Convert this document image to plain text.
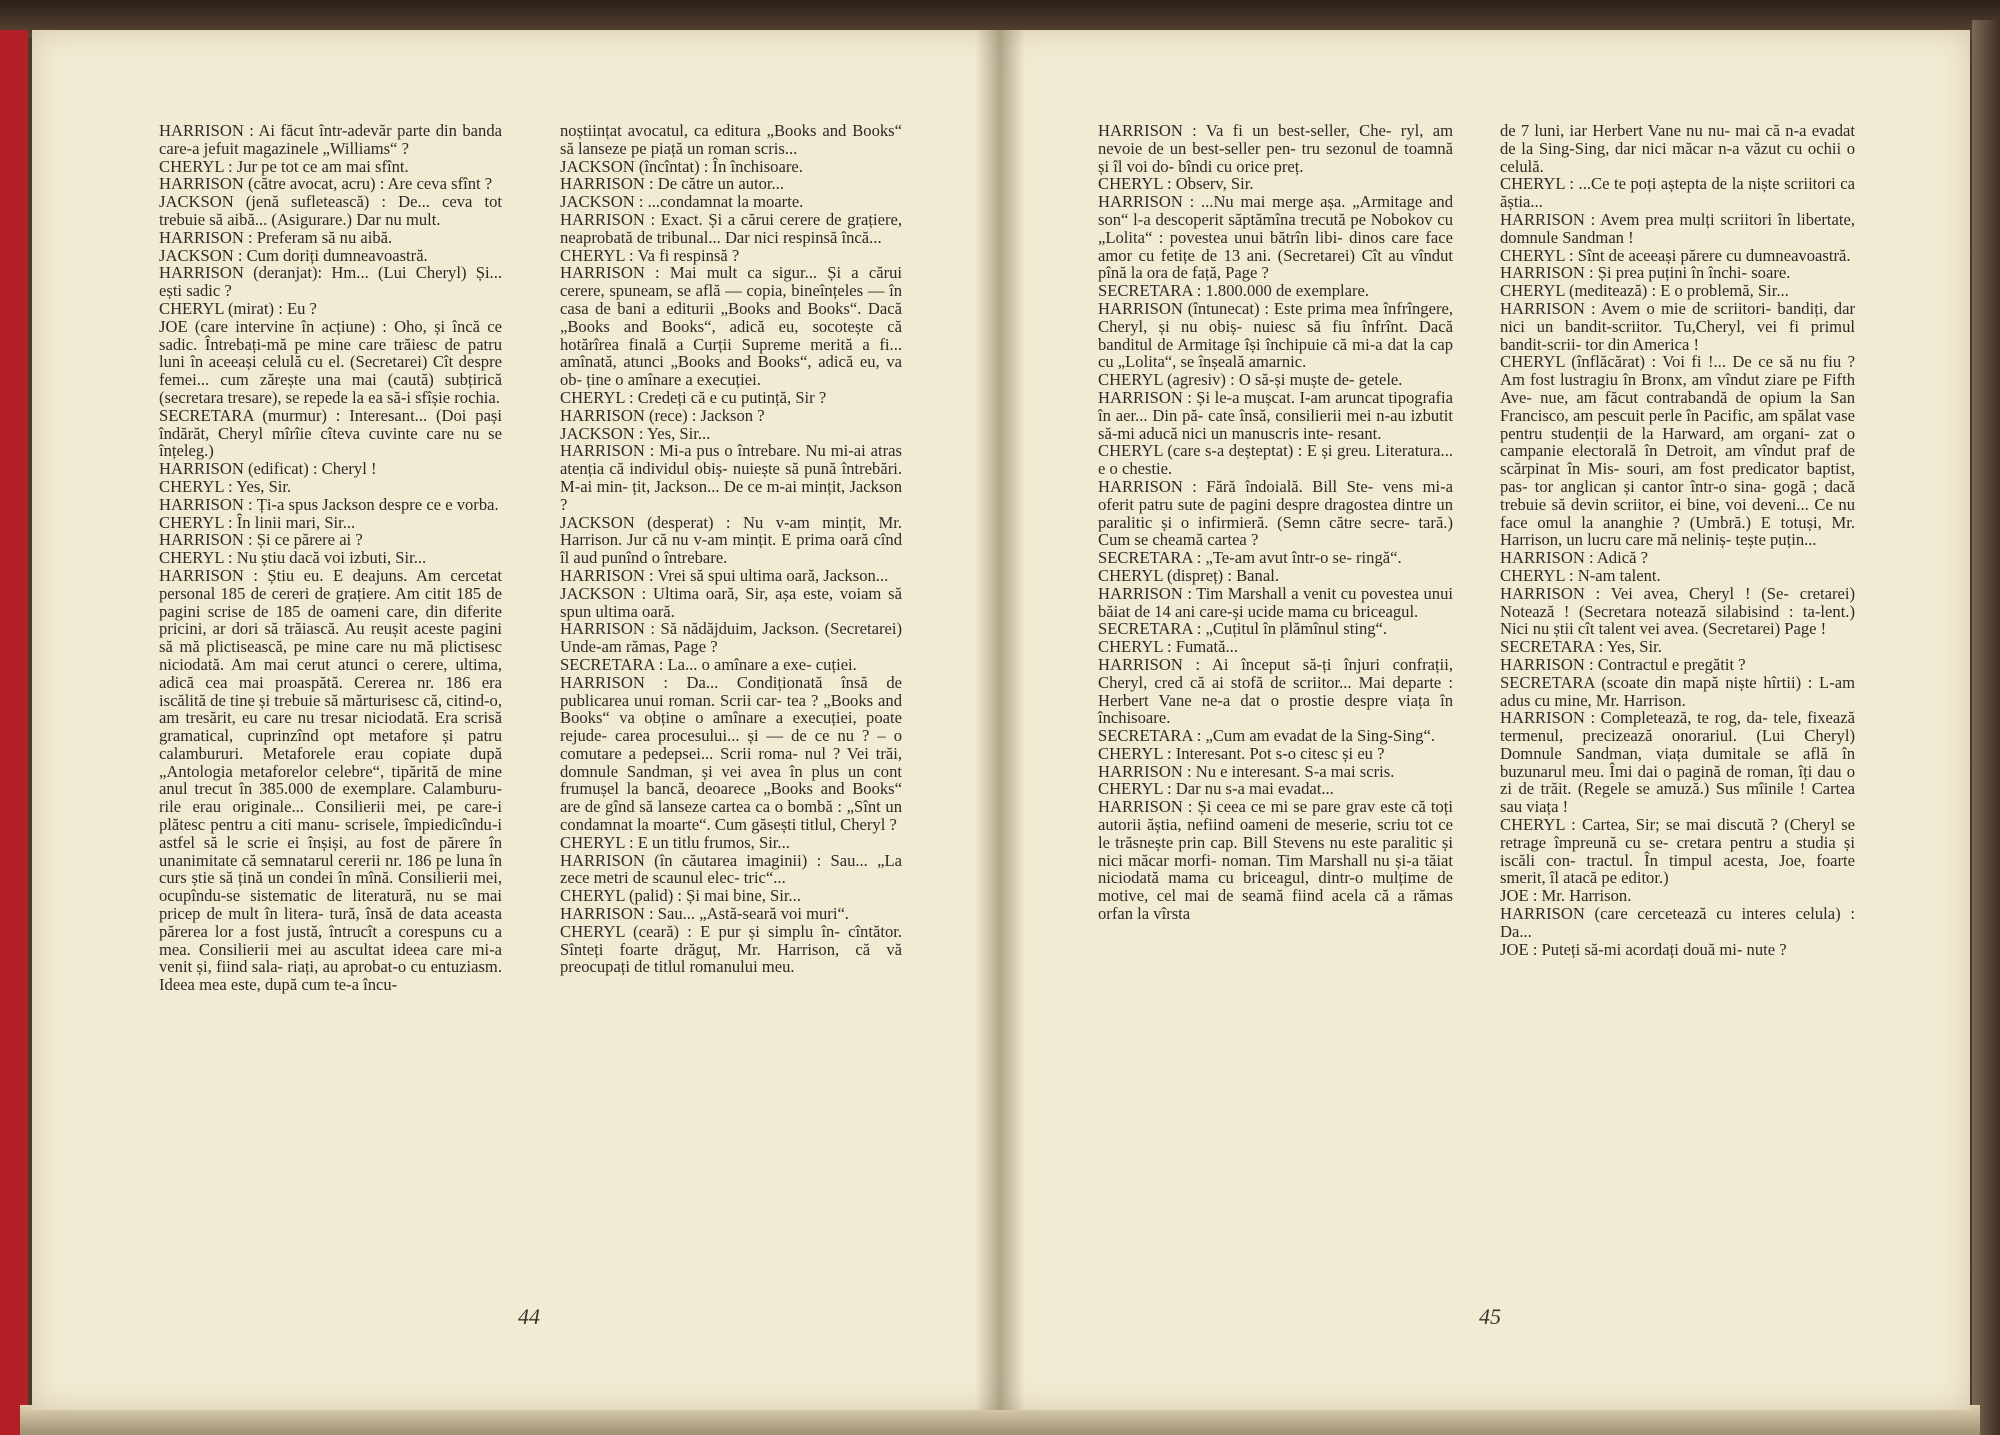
HARRISON : Ai făcut într-adevăr parte din banda care-a jefuit magazinele „Williams“ ?

CHERYL : Jur pe tot ce am mai sfînt.

HARRISON (către avocat, acru) : Are ceva sfînt ?

JACKSON (jenă sufletească) : De... ceva tot trebuie să aibă... (Asigurare.) Dar nu mult.

HARRISON : Preferam să nu aibă.

JACKSON : Cum doriți dumneavoastră.

HARRISON (deranjat): Hm... (Lui Cheryl) Și... ești sadic ?

CHERYL (mirat) : Eu ?

JOE (care intervine în acțiune) : Oho, și încă ce sadic. Întrebați-mă pe mine care trăiesc de patru luni în aceeași celulă cu el. (Secretarei) Cît despre femei... cum zărește una mai (caută) subțirică (secretara tresare), se repede la ea să-i sfîșie rochia.

SECRETARA (murmur) : Interesant... (Doi pași îndărăt, Cheryl mîrîie cîteva cuvinte care nu se înțeleg.)

HARRISON (edificat) : Cheryl !

CHERYL : Yes, Sir.

HARRISON : Ți-a spus Jackson despre ce e vorba.

CHERYL : În linii mari, Sir...

HARRISON : Și ce părere ai ?

CHERYL : Nu știu dacă voi izbuti, Sir...

HARRISON : Știu eu. E deajuns. Am cercetat personal 185 de cereri de grațiere. Am citit 185 de pagini scrise de 185 de oameni care, din diferite pricini, ar dori să trăiască. Au reușit aceste pagini să mă plictisească, pe mine care nu mă plictisesc niciodată. Am mai cerut atunci o cerere, ultima, adică cea mai proaspătă. Cererea nr. 186 era iscălită de tine și trebuie să mărturisesc că, citind-o, am tresărit, eu care nu tresar niciodată. Era scrisă gramatical, cuprinzînd opt metafore și patru calambururi. Metaforele erau copiate după „Antologia metaforelor celebre“, tipărită de mine anul trecut în 385.000 de exemplare. Calamburu- rile erau originale... Consilierii mei, pe care-i plătesc pentru a citi manu- scrisele, împiedicîndu-i astfel să le scrie ei înșiși, au fost de părere în unanimitate că semnatarul cererii nr. 186 pe luna în curs știe să țină un condei în mînă. Consilierii mei, ocupîndu-se sistematic de literatură, nu se mai pricep de mult în litera- tură, însă de data aceasta părerea lor a fost justă, întrucît a corespuns cu a mea. Consilierii mei au ascultat ideea care mi-a venit și, fiind sala- riați, au aprobat-o cu entuziasm. Ideea mea este, după cum te-a încu-

noștiințat avocatul, ca editura „Books and Books“ să lanseze pe piață un roman scris...

JACKSON (încîntat) : În închisoare.

HARRISON : De către un autor...

JACKSON : ...condamnat la moarte.

HARRISON : Exact. Și a cărui cerere de grațiere, neaprobată de tribunal... Dar nici respinsă încă...

CHERYL : Va fi respinsă ?

HARRISON : Mai mult ca sigur... Și a cărui cerere, spuneam, se află — copia, bineînțeles — în casa de bani a editurii „Books and Books“. Dacă „Books and Books“, adică eu, socotește că hotărîrea finală a Curții Supreme merită a fi... amînată, atunci „Books and Books“, adică eu, va ob- ține o amînare a execuției.

CHERYL : Credeți că e cu putință, Sir ?

HARRISON (rece) : Jackson ?

JACKSON : Yes, Sir...

HARRISON : Mi-a pus o întrebare. Nu mi-ai atras atenția că individul obiș- nuiește să pună întrebări. M-ai min- țit, Jackson... De ce m-ai mințit, Jackson ?

JACKSON (desperat) : Nu v-am mințit, Mr. Harrison. Jur că nu v-am mințit. E prima oară cînd îl aud punînd o întrebare.

HARRISON : Vrei să spui ultima oară, Jackson...

JACKSON : Ultima oară, Sir, așa este, voiam să spun ultima oară.

HARRISON : Să nădăjduim, Jackson. (Secretarei) Unde-am rămas, Page ?

SECRETARA : La... o amînare a exe- cuției.

HARRISON : Da... Condiționată însă de publicarea unui roman. Scrii car- tea ? „Books and Books“ va obține o amînare a execuției, poate rejude- carea procesului... și — de ce nu ? – o comutare a pedepsei... Scrii roma- nul ? Vei trăi, domnule Sandman, și vei avea în plus un cont frumușel la bancă, deoarece „Books and Books“ are de gînd să lanseze cartea ca o bombă : „Sînt un condamnat la moarte“. Cum găsești titlul, Cheryl ?

CHERYL : E un titlu frumos, Sir...

HARRISON (în căutarea imaginii) : Sau... „La zece metri de scaunul elec- tric“...

CHERYL (palid) : Și mai bine, Sir...

HARRISON : Sau... „Astă-seară voi muri“.

CHERYL (ceară) : E pur și simplu în- cîntător. Sînteți foarte drăguț, Mr. Harrison, că vă preocupați de titlul romanului meu.

44

HARRISON : Va fi un best-seller, Che- ryl, am nevoie de un best-seller pen- tru sezonul de toamnă și îl voi do- bîndi cu orice preț.

CHERYL : Observ, Sir.

HARRISON : ...Nu mai merge așa. „Armitage and son“ l-a descoperit săptămîna trecută pe Nobokov cu „Lolita“ : povestea unui bătrîn libi- dinos care face amor cu fetițe de 13 ani. (Secretarei) Cît au vîndut pînă la ora de față, Page ?

SECRETARA : 1.800.000 de exemplare.

HARRISON (întunecat) : Este prima mea înfrîngere, Cheryl, și nu obiș- nuiesc să fiu înfrînt. Dacă banditul de Armitage își închipuie că mi-a dat la cap cu „Lolita“, se înșeală amarnic.

CHERYL (agresiv) : O să-și muște de- getele.

HARRISON : Și le-a mușcat. I-am aruncat tipografia în aer... Din pă- cate însă, consilierii mei n-au izbutit să-mi aducă nici un manuscris inte- resant.

CHERYL (care s-a deșteptat) : E și greu. Literatura... e o chestie.

HARRISON : Fără îndoială. Bill Ste- vens mi-a oferit patru sute de pagini despre dragostea dintre un paralitic și o infirmieră. (Semn către secre- tară.) Cum se cheamă cartea ?

SECRETARA : „Te-am avut într-o se- ringă“.

CHERYL (dispreț) : Banal.

HARRISON : Tim Marshall a venit cu povestea unui băiat de 14 ani care-și ucide mama cu briceagul.

SECRETARA : „Cuțitul în plămînul sting“.

CHERYL : Fumată...

HARRISON : Ai început să-ți înjuri confrații, Cheryl, cred că ai stofă de scriitor... Mai departe : Herbert Vane ne-a dat o prostie despre viața în închisoare.

SECRETARA : „Cum am evadat de la Sing-Sing“.

CHERYL : Interesant. Pot s-o citesc și eu ?

HARRISON : Nu e interesant. S-a mai scris.

CHERYL : Dar nu s-a mai evadat...

HARRISON : Și ceea ce mi se pare grav este că toți autorii ăștia, nefiind oameni de meserie, scriu tot ce le trăsnește prin cap. Bill Stevens nu este paralitic și nici măcar morfi- noman. Tim Marshall nu și-a tăiat niciodată mama cu briceagul, dintr-o mulțime de motive, cel mai de seamă fiind acela că a rămas orfan la vîrsta

de 7 luni, iar Herbert Vane nu nu- mai că n-a evadat de la Sing-Sing, dar nici măcar n-a văzut cu ochii o celulă.

CHERYL : ...Ce te poți aștepta de la niște scriitori ca ăștia...

HARRISON : Avem prea mulți scriitori în libertate, domnule Sandman !

CHERYL : Sînt de aceeași părere cu dumneavoastră.

HARRISON : Și prea puțini în închi- soare.

CHERYL (meditează) : E o problemă, Sir...

HARRISON : Avem o mie de scriitori- bandiți, dar nici un bandit-scriitor. Tu,Cheryl, vei fi primul bandit-scrii- tor din America !

CHERYL (înflăcărat) : Voi fi !... De ce să nu fiu ? Am fost lustragiu în Bronx, am vîndut ziare pe Fifth Ave- nue, am făcut contrabandă de opium la San Francisco, am pescuit perle în Pacific, am spălat vase pentru studenții de la Harward, am organi- zat o campanie electorală în Detroit, am vîndut praf de scărpinat în Mis- souri, am fost predicator baptist, pas- tor anglican și cantor într-o sina- gogă ; dacă trebuie să devin scriitor, ei bine, voi deveni... Ce nu face omul la ananghie ? (Umbră.) E totuși, Mr. Harrison, un lucru care mă neliniș- tește puțin...

HARRISON : Adică ?

CHERYL : N-am talent.

HARRISON : Vei avea, Cheryl ! (Se- cretarei) Notează ! (Secretara notează silabisind : ta-lent.) Nici nu știi cît talent vei avea. (Secretarei) Page !

SECRETARA : Yes, Sir.

HARRISON : Contractul e pregătit ?

SECRETARA (scoate din mapă niște hîrtii) : L-am adus cu mine, Mr. Harrison.

HARRISON : Completează, te rog, da- tele, fixează termenul, precizează onorariul. (Lui Cheryl) Domnule Sandman, viața dumitale se află în buzunarul meu. Îmi dai o pagină de roman, îți dau o zi de trăit. (Regele se amuză.) Sus mîinile ! Cartea sau viața !

CHERYL : Cartea, Sir; se mai discută ? (Cheryl se retrage împreună cu se- cretara pentru a studia și iscăli con- tractul. În timpul acesta, Joe, foarte smerit, îl atacă pe editor.)

JOE : Mr. Harrison.

HARRISON (care cercetează cu interes celula) : Da...

JOE : Puteți să-mi acordați două mi- nute ?

45
